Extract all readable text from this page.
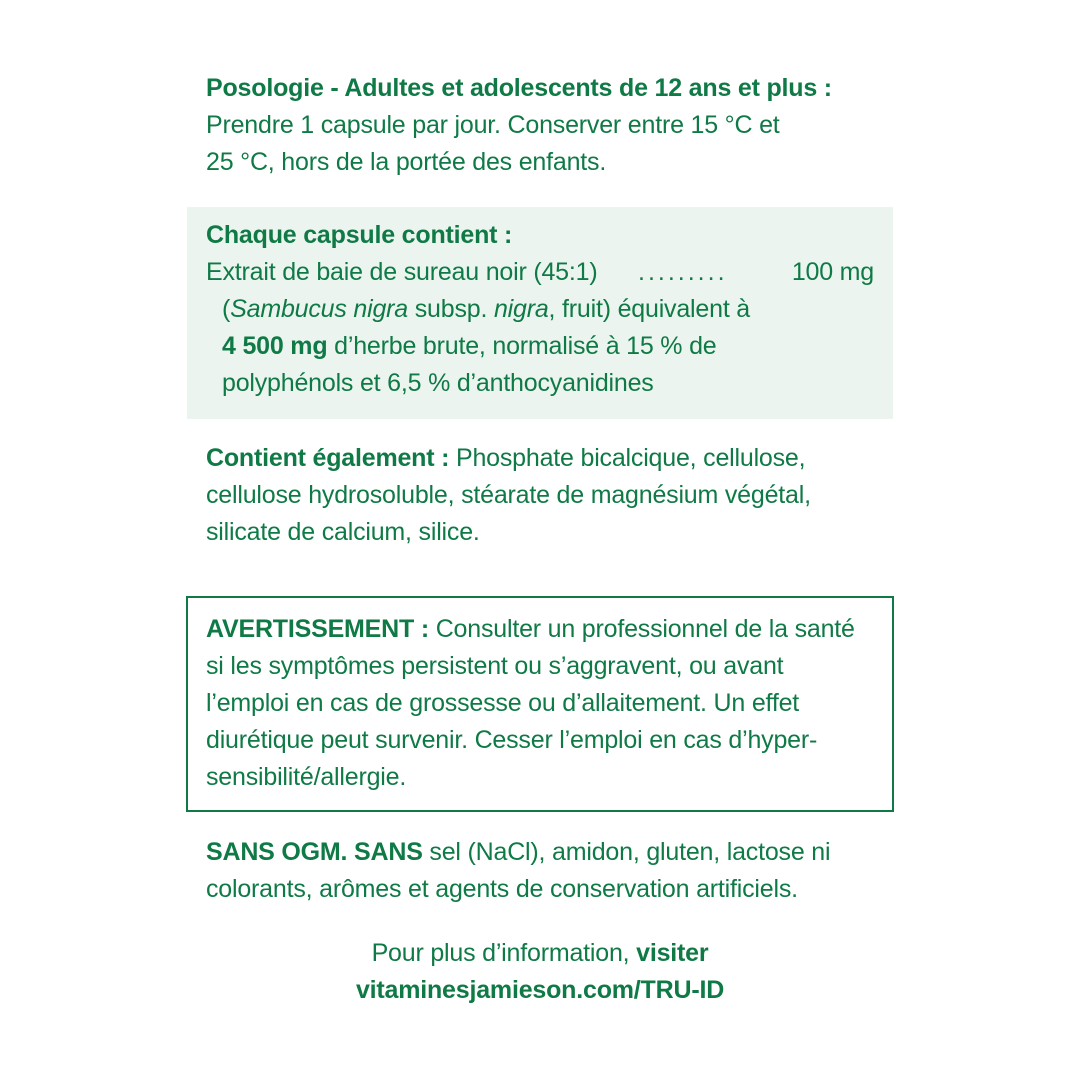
Posologie - Adultes et adolescents de 12 ans et plus :

Prendre 1 capsule par jour. Conserver entre 15 °C et

25 °C, hors de la portée des enfants.

Chaque capsule contient :

Extrait de baie de sureau noir (45:1) .........	100 mg

(Sambucus nigra subsp. nigra, fruit) équivalent à

4 500 mg d’herbe brute, normalisé à 15 % de

polyphénols et 6,5 % d’anthocyanidines

Contient également : Phosphate bicalcique, cellulose,

cellulose hydrosoluble, stéarate de magnésium végétal,

silicate de calcium, silice.

AVERTISSEMENT : Consulter un professionnel de la santé

si les symptômes persistent ou s’aggravent, ou avant

l’emploi en cas de grossesse ou d’allaitement. Un effet

diurétique peut survenir. Cesser l’emploi en cas d’hyper-

sensibilité/allergie.

SANS OGM. SANS sel (NaCl), amidon, gluten, lactose ni

colorants, arômes et agents de conservation artificiels.

Pour plus d’information, visiter

vitaminesjamieson.com/TRU-ID
